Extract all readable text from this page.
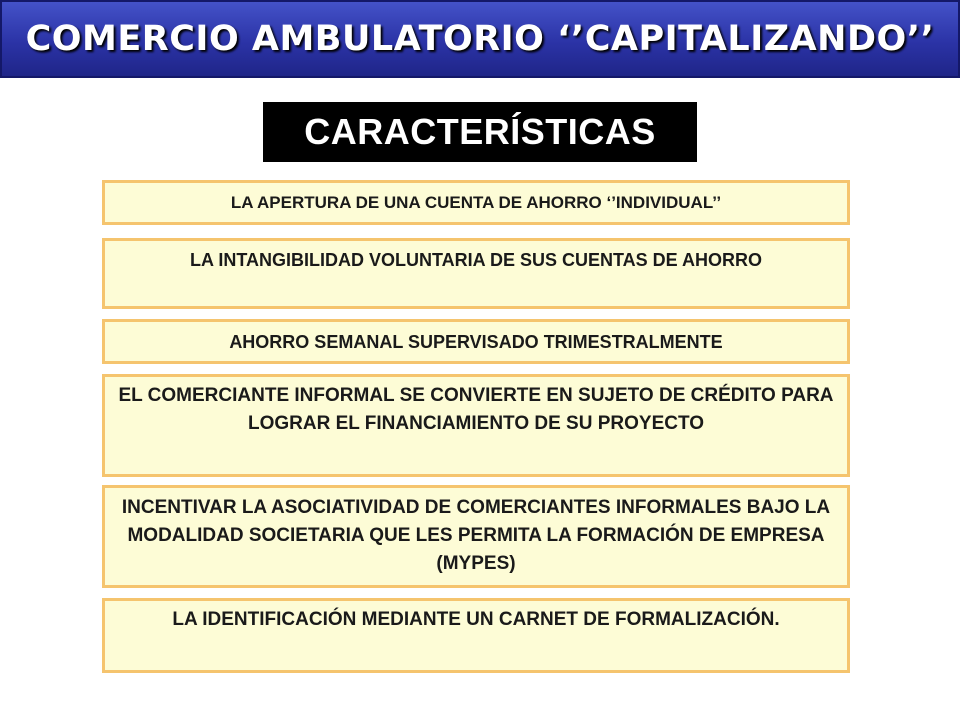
COMERCIO AMBULATORIO ‘’CAPITALIZANDO’’
CARACTERÍSTICAS
LA APERTURA DE UNA CUENTA DE AHORRO ‘’INDIVIDUAL’’
LA INTANGIBILIDAD VOLUNTARIA DE SUS CUENTAS DE AHORRO
AHORRO SEMANAL SUPERVISADO TRIMESTRALMENTE
EL COMERCIANTE INFORMAL SE CONVIERTE EN SUJETO DE CRÉDITO PARA LOGRAR EL FINANCIAMIENTO DE SU PROYECTO
INCENTIVAR LA ASOCIATIVIDAD DE COMERCIANTES INFORMALES BAJO LA MODALIDAD SOCIETARIA QUE LES PERMITA LA FORMACIÓN DE EMPRESA (MYPES)
LA IDENTIFICACIÓN MEDIANTE UN CARNET DE FORMALIZACIÓN.
